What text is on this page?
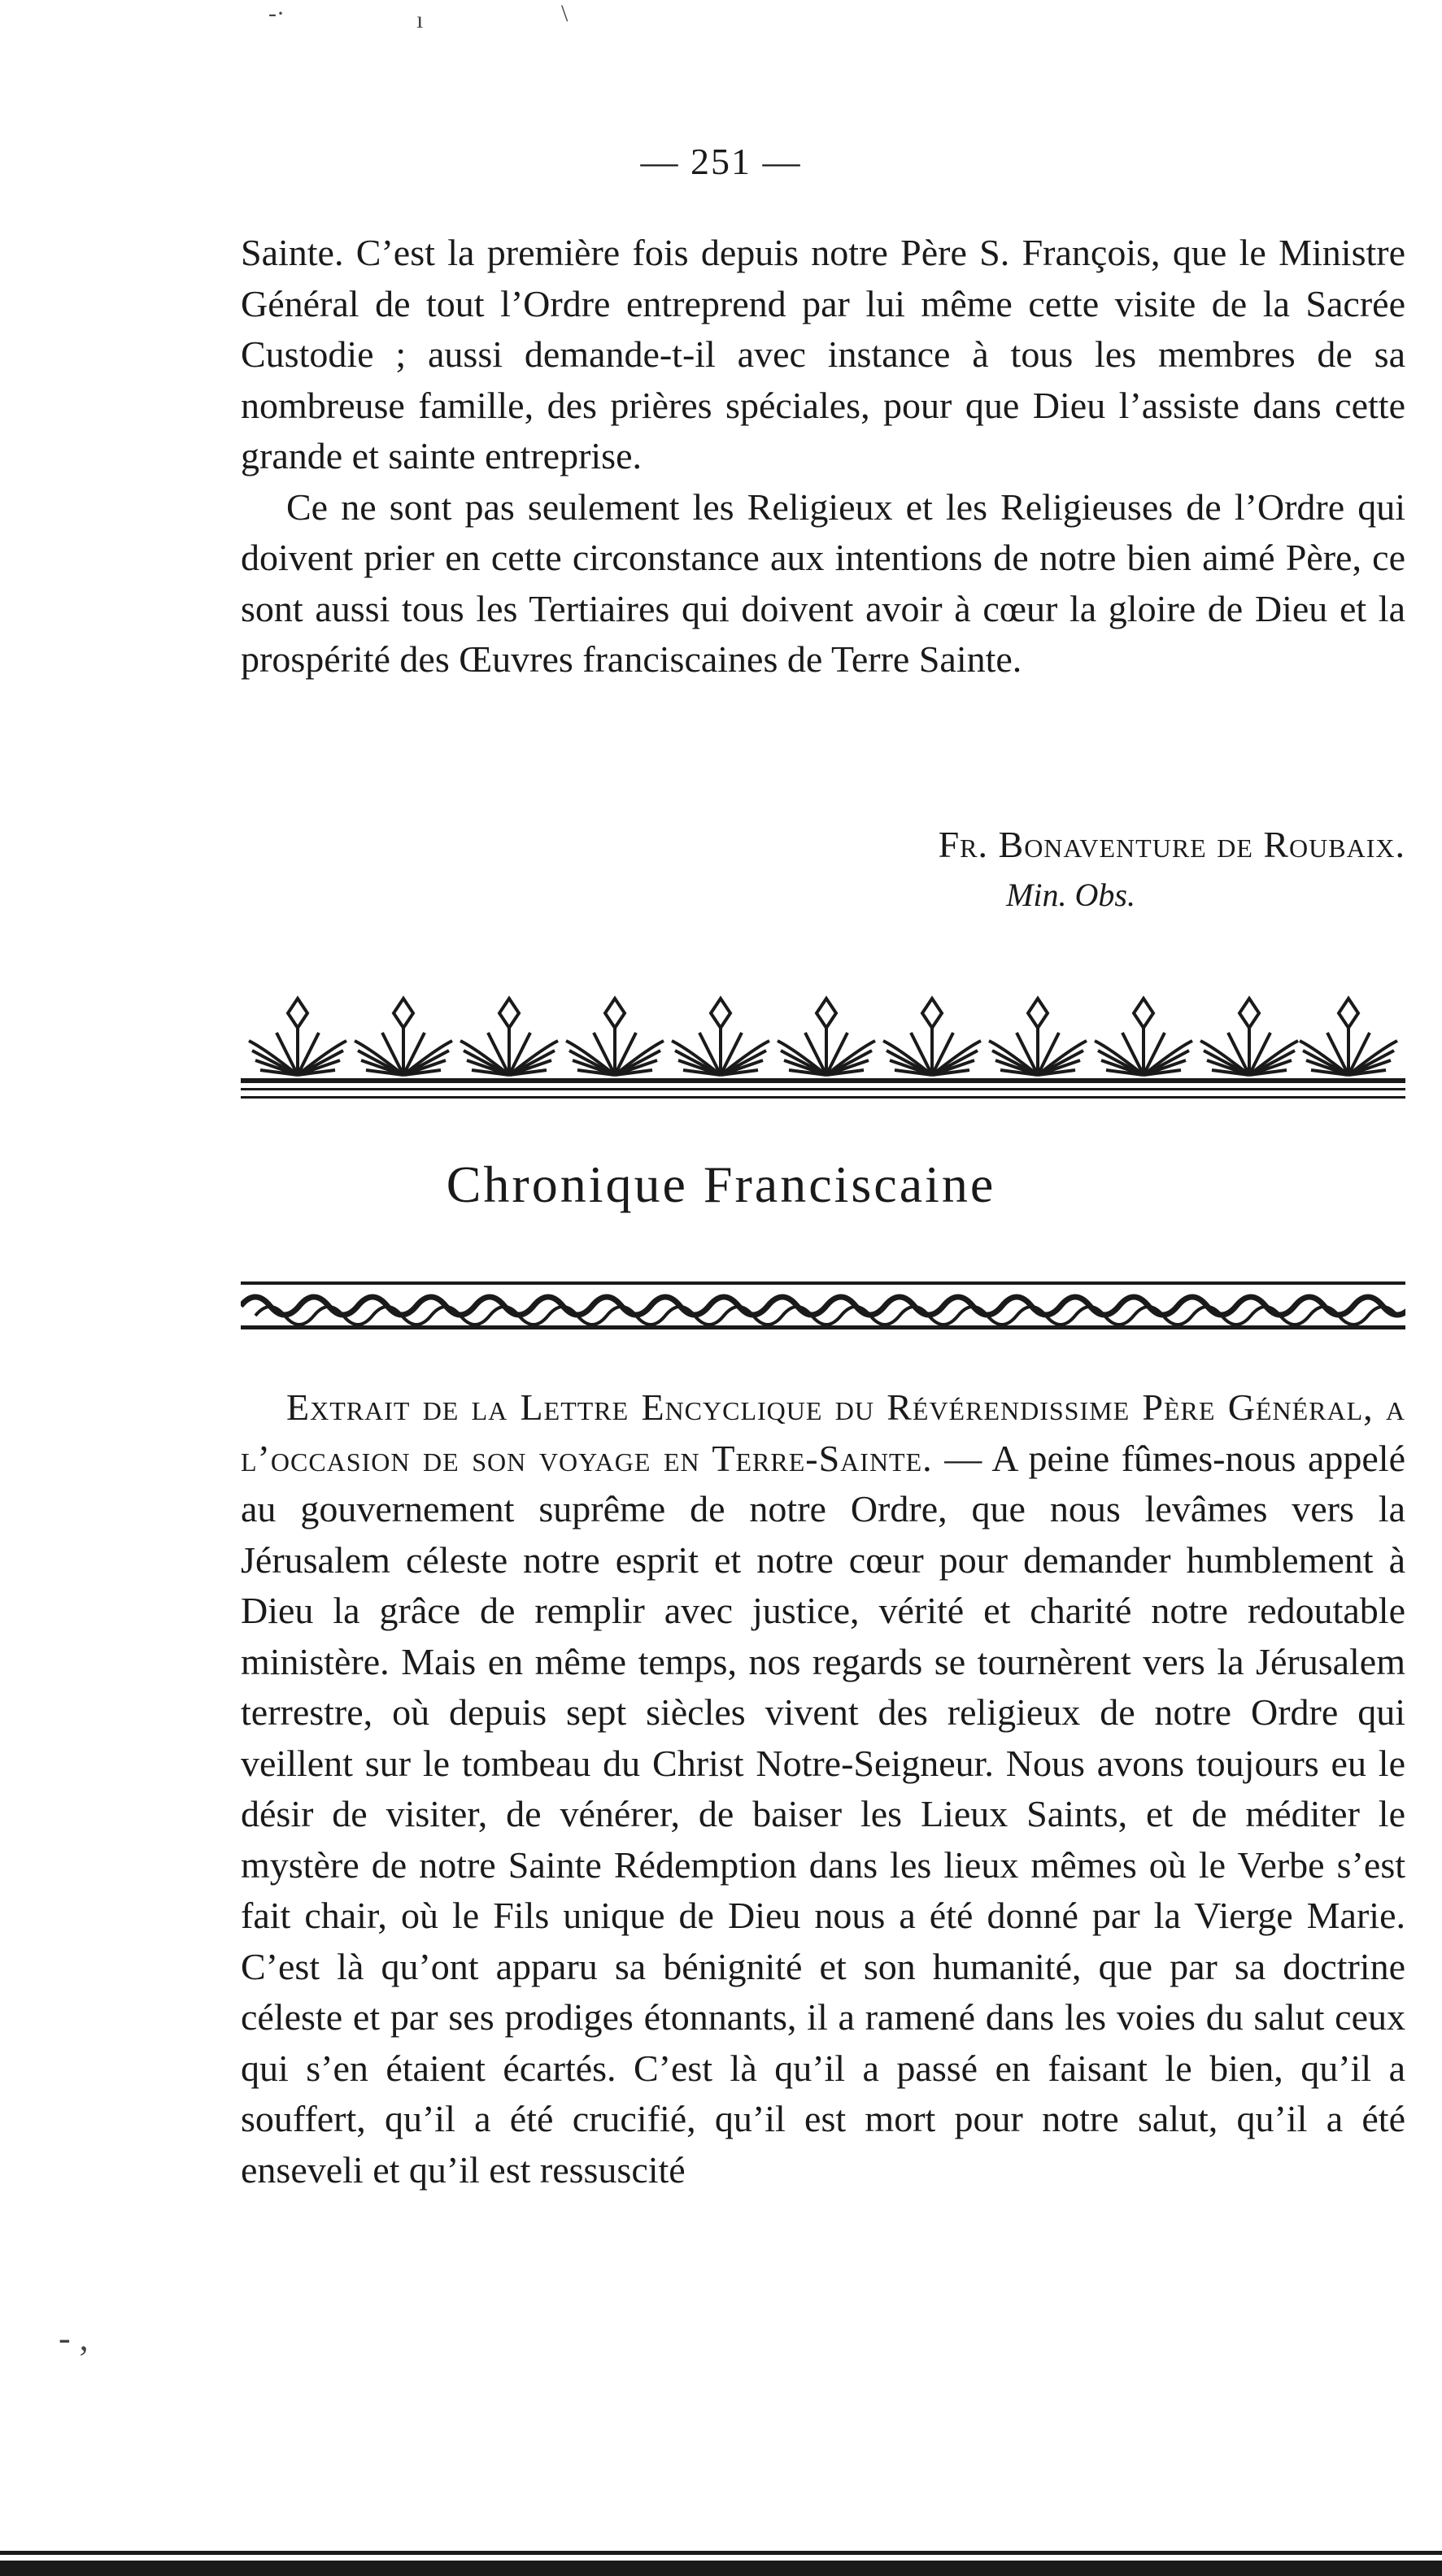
-·	ı	\
— 251 —

Sainte. C’est la première fois depuis notre Père S. François, que le Ministre Général de tout l’Ordre entreprend par lui même cette visite de la Sacrée Custodie ; aussi demande-t-il avec instance à tous les membres de sa nombreuse famille, des prières spéciales, pour que Dieu l’assiste dans cette grande et sainte entreprise.

Ce ne sont pas seulement les Religieux et les Religieuses de l’Ordre qui doivent prier en cette circonstance aux intentions de notre bien aimé Père, ce sont aussi tous les Tertiaires qui doivent avoir à cœur la gloire de Dieu et la prospérité des Œuvres franciscaines de Terre Sainte.

Fr. Bonaventure de Roubaix.
Min. Obs.
Chronique Franciscaine

Extrait de la Lettre Encyclique du Révérendissime Père Général, a l’occasion de son voyage en Terre-Sainte. — A peine fûmes-nous appelé au gouvernement suprême de notre Ordre, que nous levâmes vers la Jérusalem céleste notre esprit et notre cœur pour demander humblement à Dieu la grâce de remplir avec justice, vérité et charité notre redoutable ministère. Mais en même temps, nos regards se tournèrent vers la Jérusalem terrestre, où depuis sept siècles vivent des religieux de notre Ordre qui veillent sur le tombeau du Christ Notre-Seigneur. Nous avons toujours eu le désir de visiter, de vénérer, de baiser les Lieux Saints, et de méditer le mystère de notre Sainte Rédemption dans les lieux mêmes où le Verbe s’est fait chair, où le Fils unique de Dieu nous a été donné par la Vierge Marie. C’est là qu’ont apparu sa bénignité et son humanité, que par sa doctrine céleste et par ses prodiges étonnants, il a ramené dans les voies du salut ceux qui s’en étaient écartés. C’est là qu’il a passé en faisant le bien, qu’il a souffert, qu’il a été crucifié, qu’il est mort pour notre salut, qu’il a été enseveli et qu’il est ressuscité

- ,
